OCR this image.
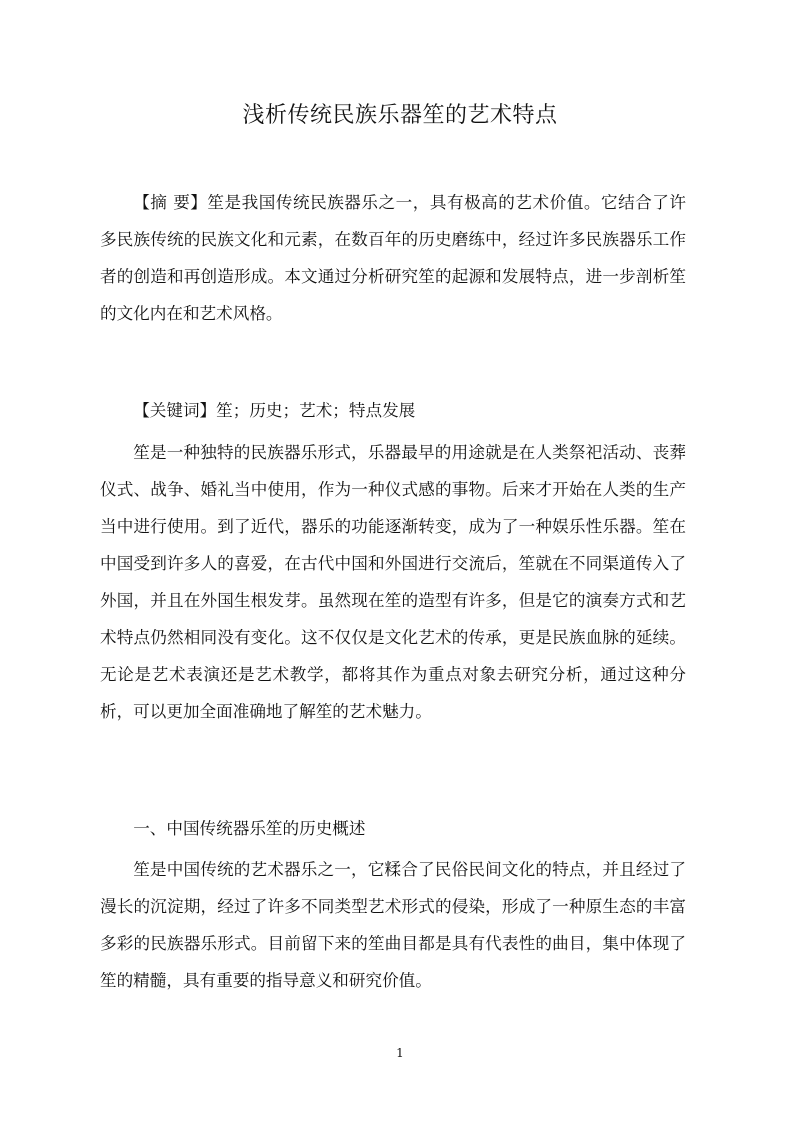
浅析传统民族乐器笙的艺术特点

【摘 要】笙是我国传统民族器乐之一，具有极高的艺术价值。它结合了许多民族传统的民族文化和元素，在数百年的历史磨练中，经过许多民族器乐工作者的创造和再创造形成。本文通过分析研究笙的起源和发展特点，进一步剖析笙的文化内在和艺术风格。

【关键词】笙；历史；艺术；特点发展

笙是一种独特的民族器乐形式，乐器最早的用途就是在人类祭祀活动、丧葬仪式、战争、婚礼当中使用，作为一种仪式感的事物。后来才开始在人类的生产当中进行使用。到了近代，器乐的功能逐渐转变，成为了一种娱乐性乐器。笙在中国受到许多人的喜爱，在古代中国和外国进行交流后，笙就在不同渠道传入了外国，并且在外国生根发芽。虽然现在笙的造型有许多，但是它的演奏方式和艺术特点仍然相同没有变化。这不仅仅是文化艺术的传承，更是民族血脉的延续。无论是艺术表演还是艺术教学，都将其作为重点对象去研究分析，通过这种分析，可以更加全面准确地了解笙的艺术魅力。

一、中国传统器乐笙的历史概述

笙是中国传统的艺术器乐之一，它糅合了民俗民间文化的特点，并且经过了漫长的沉淀期，经过了许多不同类型艺术形式的侵染，形成了一种原生态的丰富多彩的民族器乐形式。目前留下来的笙曲目都是具有代表性的曲目，集中体现了笙的精髓，具有重要的指导意义和研究价值。

1
